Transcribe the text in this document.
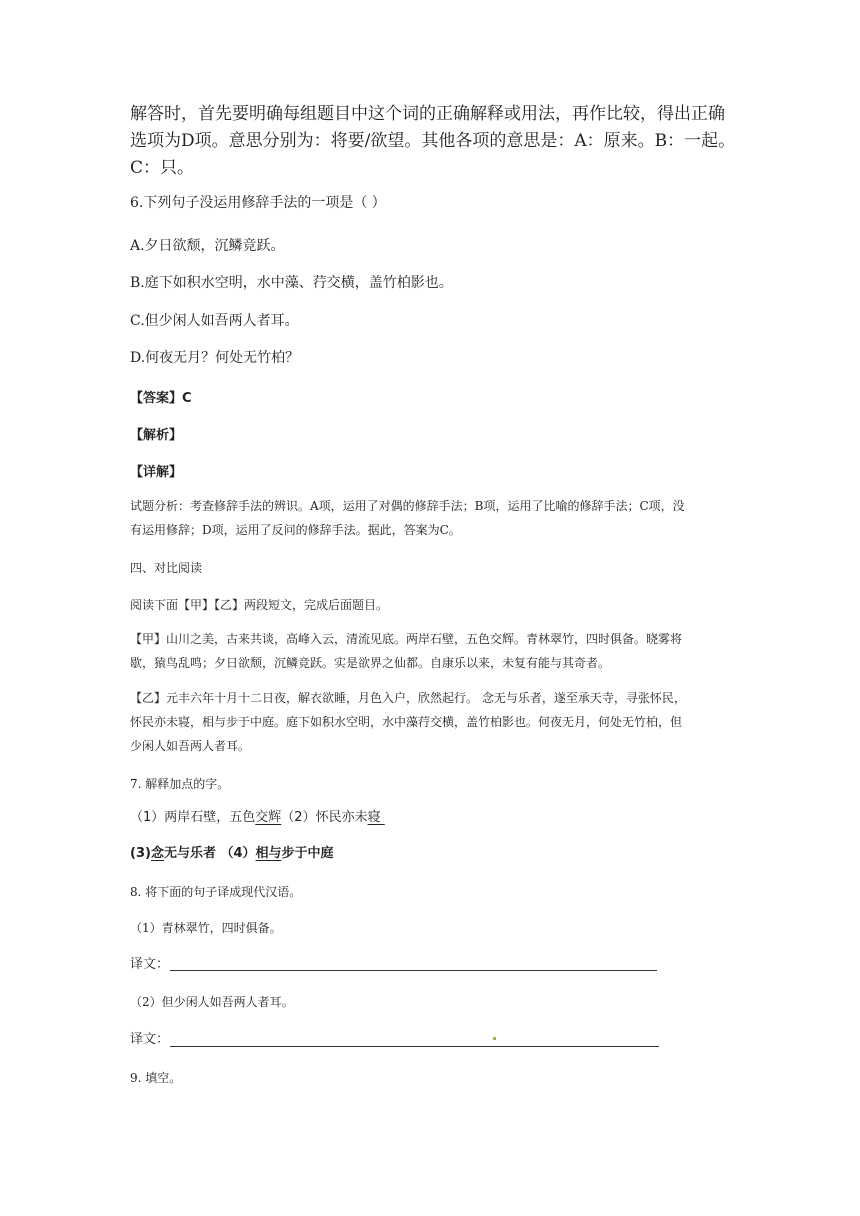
解答时，首先要明确每组题目中这个词的正确解释或用法，再作比较，得出正确

选项为D项。意思分别为：将要/欲望。其他各项的意思是：A：原来。B：一起。

C：只。

6.下列句子没运用修辞手法的一项是（ ）

A.夕日欲颓，沉鳞竞跃。

B.庭下如积水空明，水中藻、荇交横，盖竹柏影也。

C.但少闲人如吾两人者耳。

D.何夜无月？何处无竹柏？

【答案】C

【解析】

【详解】

试题分析：考查修辞手法的辨识。A项，运用了对偶的修辞手法；B项，运用了比喻的修辞手法；C项，没

有运用修辞；D项，运用了反问的修辞手法。据此，答案为C。

四、对比阅读

阅读下面【甲】【乙】两段短文，完成后面题目。

【甲】山川之美，古来共谈，高峰入云，清流见底。两岸石壁，五色交辉。青林翠竹，四时俱备。晓雾将

歇，猿鸟乱鸣；夕日欲颓，沉鳞竞跃。实是欲界之仙都。自康乐以来，未复有能与其奇者。

【乙】元丰六年十月十二日夜，解衣欲睡，月色入户，欣然起行。 念无与乐者，遂至承天寺，寻张怀民，

怀民亦未寝，相与步于中庭。庭下如积水空明，水中藻荇交横，盖竹柏影也。何夜无月，何处无竹柏，但

少闲人如吾两人者耳。

7. 解释加点的字。

（1）两岸石壁，五色交辉（2）怀民亦未寝

(3)念无与乐者 （4）相与步于中庭

8. 将下面的句子译成现代汉语。

（1）青林翠竹，四时俱备。

译文：

（2）但少闲人如吾两人者耳。

译文：

9. 填空。
